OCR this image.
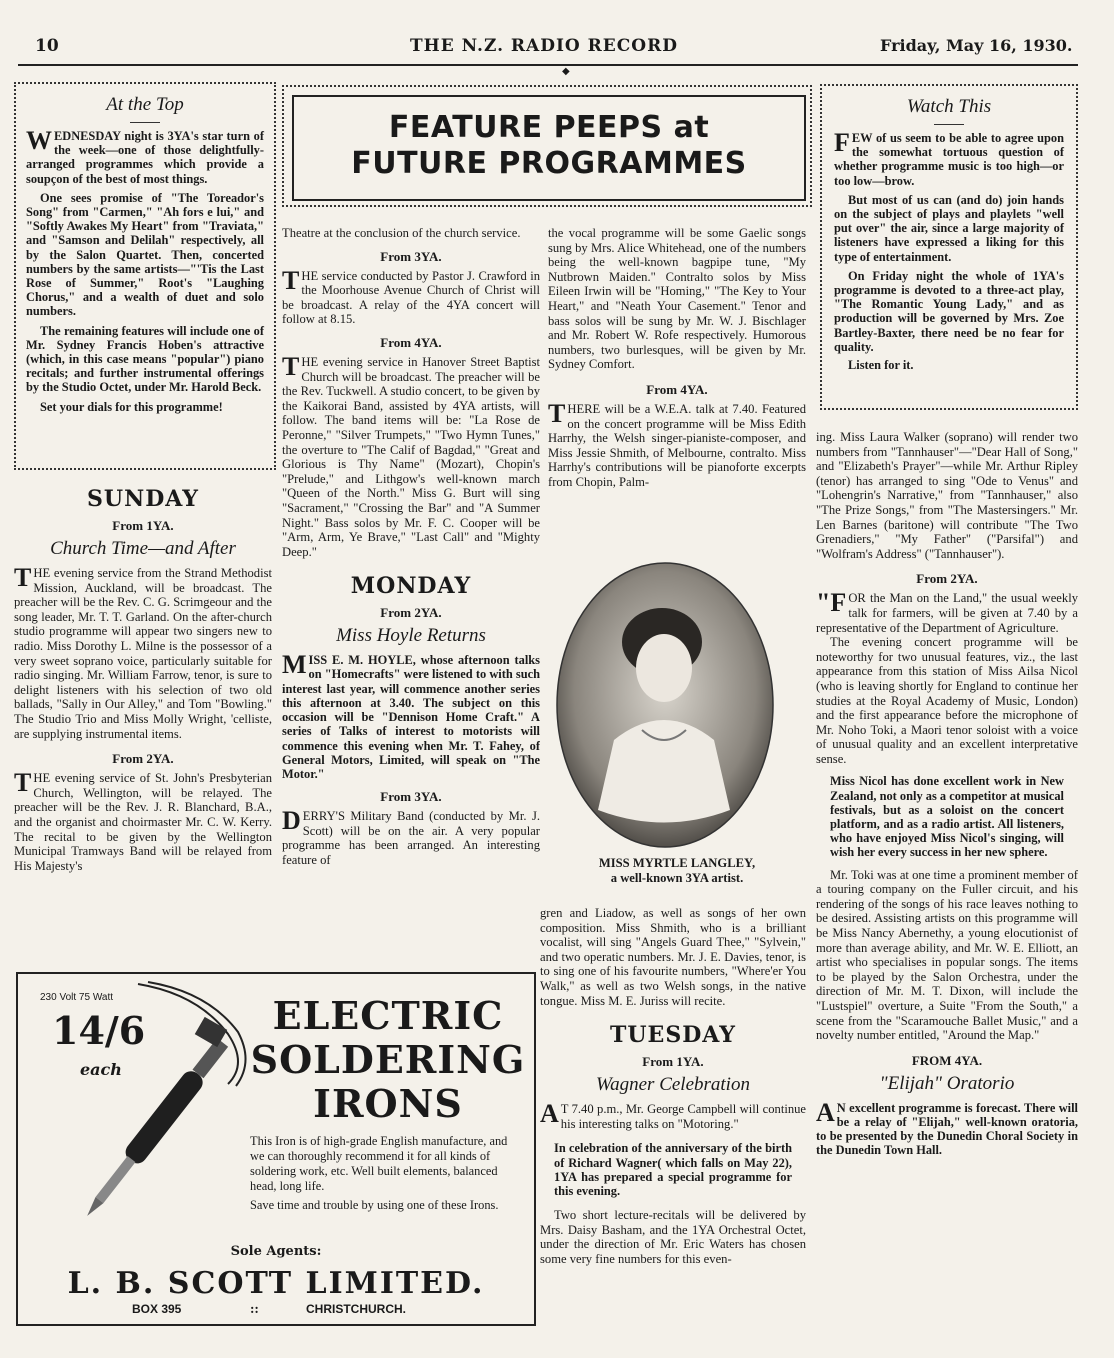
10	THE N.Z. RADIO RECORD	Friday, May 16, 1930.
◆
At the Top

WEDNESDAY night is 3YA's star turn of the week—one of those delightfully-arranged programmes which provide a soupçon of the best of most things.

One sees promise of "The Toreador's Song" from "Carmen," "Ah fors e lui," and "Softly Awakes My Heart" from "Traviata," and "Samson and Delilah" respectively, all by the Salon Quartet. Then, concerted numbers by the same artists—"'Tis the Last Rose of Summer," Root's "Laughing Chorus," and a wealth of duet and solo numbers.

The remaining features will include one of Mr. Sydney Francis Hoben's attractive (which, in this case means "popular") piano recitals; and further instrumental offerings by the Studio Octet, under Mr. Harold Beck.

Set your dials for this programme!

FEATURE PEEPS at
FUTURE PROGRAMMES
Watch This

FEW of us seem to be able to agree upon the somewhat tortuous question of whether programme music is too high—or too low—brow.

But most of us can (and do) join hands on the subject of plays and playlets "well put over" the air, since a large majority of listeners have expressed a liking for this type of entertainment.

On Friday night the whole of 1YA's programme is devoted to a three-act play, "The Romantic Young Lady," and as production will be governed by Mrs. Zoe Bartley-Baxter, there need be no fear for quality.

Listen for it.

SUNDAY
From 1YA.
Church Time—and After

THE evening service from the Strand Methodist Mission, Auckland, will be broadcast. The preacher will be the Rev. C. G. Scrimgeour and the song leader, Mr. T. T. Garland. On the after-church studio programme will appear two singers new to radio. Miss Dorothy L. Milne is the possessor of a very sweet soprano voice, particularly suitable for radio singing. Mr. William Farrow, tenor, is sure to delight listeners with his selection of two old ballads, "Sally in Our Alley," and Tom "Bowling." The Studio Trio and Miss Molly Wright, 'celliste, are supplying instrumental items.

From 2YA.

THE evening service of St. John's Presbyterian Church, Wellington, will be relayed. The preacher will be the Rev. J. R. Blanchard, B.A., and the organist and choirmaster Mr. C. W. Kerry. The recital to be given by the Wellington Municipal Tramways Band will be relayed from His Majesty's

Theatre at the conclusion of the church service.

From 3YA.

THE service conducted by Pastor J. Crawford in the Moorhouse Avenue Church of Christ will be broadcast. A relay of the 4YA concert will follow at 8.15.

From 4YA.

THE evening service in Hanover Street Baptist Church will be broadcast. The preacher will be the Rev. Tuckwell. A studio concert, to be given by the Kaikorai Band, assisted by 4YA artists, will follow. The band items will be: "La Rose de Peronne," "Silver Trumpets," "Two Hymn Tunes," the overture to "The Calif of Bagdad," "Great and Glorious is Thy Name" (Mozart), Chopin's "Prelude," and Lithgow's well-known march "Queen of the North." Miss G. Burt will sing "Sacrament," "Crossing the Bar" and "A Summer Night." Bass solos by Mr. F. C. Cooper will be "Arm, Arm, Ye Brave," "Last Call" and "Mighty Deep."

MONDAY
From 2YA.
Miss Hoyle Returns

MISS E. M. HOYLE, whose afternoon talks on "Homecrafts" were listened to with such interest last year, will commence another series this afternoon at 3.40. The subject on this occasion will be "Dennison Home Craft." A series of Talks of interest to motorists will commence this evening when Mr. T. Fahey, of General Motors, Limited, will speak on "The Motor."

From 3YA.

DERRY'S Military Band (conducted by Mr. J. Scott) will be on the air. A very popular programme has been arranged. An interesting feature of

the vocal programme will be some Gaelic songs sung by Mrs. Alice Whitehead, one of the numbers being the well-known bagpipe tune, "My Nutbrown Maiden." Contralto solos by Miss Eileen Irwin will be "Homing," "The Key to Your Heart," and "Neath Your Casement." Tenor and bass solos will be sung by Mr. W. J. Bischlager and Mr. Robert W. Rofe respectively. Humorous numbers, two burlesques, will be given by Mr. Sydney Comfort.

From 4YA.

THERE will be a W.E.A. talk at 7.40. Featured on the concert programme will be Miss Edith Harrhy, the Welsh singer-pianiste-composer, and Miss Jessie Shmith, of Melbourne, contralto. Miss Harrhy's contributions will be pianoforte excerpts from Chopin, Palm-

MISS MYRTLE LANGLEY,
a well-known 3YA artist.

gren and Liadow, as well as songs of her own composition. Miss Shmith, who is a brilliant vocalist, will sing "Angels Guard Thee," "Sylvein," and two operatic numbers. Mr. J. E. Davies, tenor, is to sing one of his favourite numbers, "Where'er You Walk," as well as two Welsh songs, in the native tongue. Miss M. E. Juriss will recite.

TUESDAY
From 1YA.
Wagner Celebration

A T 7.40 p.m., Mr. George Campbell will continue his interesting talks on "Motoring."

In celebration of the anniversary of the birth of Richard Wagner( which falls on May 22), 1YA has prepared a special programme for this evening.

Two short lecture-recitals will be delivered by Mrs. Daisy Basham, and the 1YA Orchestral Octet, under the direction of Mr. Eric Waters has chosen some very fine numbers for this even-

ing. Miss Laura Walker (soprano) will render two numbers from "Tannhauser"—"Dear Hall of Song," and "Elizabeth's Prayer"—while Mr. Arthur Ripley (tenor) has arranged to sing "Ode to Venus" and "Lohengrin's Narrative," from "Tannhauser," also "The Prize Songs," from "The Mastersingers." Mr. Len Barnes (baritone) will contribute "The Two Grenadiers," "My Father" ("Parsifal") and "Wolfram's Address" ("Tannhauser").

From 2YA.

"FOR the Man on the Land," the usual weekly talk for farmers, will be given at 7.40 by a representative of the Department of Agriculture.

The evening concert programme will be noteworthy for two unusual features, viz., the last appearance from this station of Miss Ailsa Nicol (who is leaving shortly for England to continue her studies at the Royal Academy of Music, London) and the first appearance before the microphone of Mr. Noho Toki, a Maori tenor soloist with a voice of unusual quality and an excellent interpretative sense.

Miss Nicol has done excellent work in New Zealand, not only as a competitor at musical festivals, but as a soloist on the concert platform, and as a radio artist. All listeners, who have enjoyed Miss Nicol's singing, will wish her every success in her new sphere.

Mr. Toki was at one time a prominent member of a touring company on the Fuller circuit, and his rendering of the songs of his race leaves nothing to be desired. Assisting artists on this programme will be Miss Nancy Abernethy, a young elocutionist of more than average ability, and Mr. W. E. Elliott, an artist who specialises in popular songs. The items to be played by the Salon Orchestra, under the direction of Mr. M. T. Dixon, will include the "Lustspiel" overture, a Suite "From the South," a scene from the "Scaramouche Ballet Music," and a novelty number entitled, "Around the Map."

FROM 4YA.
"Elijah" Oratorio

A N excellent programme is forecast. There will be a relay of "Elijah," well-known oratoria, to be presented by the Dunedin Choral Society in the Dunedin Town Hall.

230 Volt 75 Watt
14/6
each
ELECTRIC
SOLDERING
IRONS

This Iron is of high-grade English manufacture, and we can thoroughly recommend it for all kinds of soldering work, etc. Well built elements, balanced head, long life.

Save time and trouble by using one of these Irons.

Sole Agents:
L. B. SCOTT LIMITED.
BOX 395	::	CHRISTCHURCH.
